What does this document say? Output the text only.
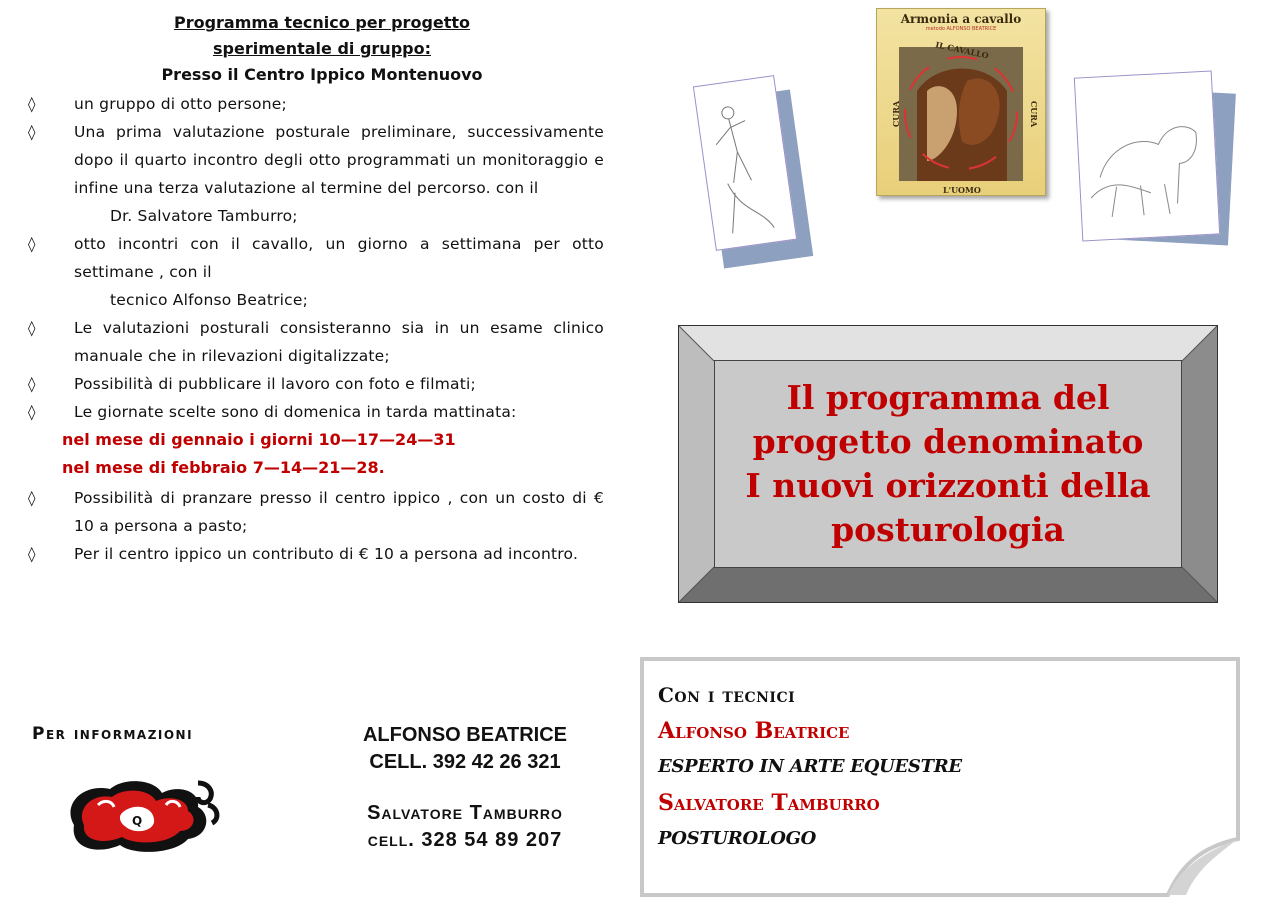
Programma tecnico per progetto
sperimentale di gruppo:
Presso il Centro Ippico Montenuovo
◊ un gruppo di otto persone;
◊ Una prima valutazione posturale preliminare, successivamente dopo il quarto incontro degli otto programmati un monitoraggio e infine una terza valutazione al termine del percorso. con il
Dr. Salvatore Tamburro;
◊ otto incontri con il cavallo, un giorno a settimana per otto settimane , con il
tecnico Alfonso Beatrice;
◊ Le valutazioni posturali consisteranno sia in un esame clinico manuale che in rilevazioni digitalizzate;
◊ Possibilità di pubblicare il lavoro con foto e filmati;
◊ Le giornate scelte sono di domenica in tarda mattinata:
nel mese di gennaio i giorni 10—17—24—31
nel mese di febbraio 7—14—21—28.
◊ Possibilità di pranzare presso il centro ippico , con un costo di € 10 a persona a pasto;
◊ Per il centro ippico un contributo di € 10 a persona ad incontro.
Per informazioni	ALFONSO BEATRICE
CELL. 392 42 26 321
Salvatore Tamburro
cell. 328 54 89 207
Q
Armonia a cavallo
metodo ALFONSO BEATRICE
IL CAVALLO
CURA	CURA
L'UOMO
Il programma del
progetto denominato
I nuovi orizzonti della
posturologia
Con i tecnici
Alfonso Beatrice
ESPERTO IN ARTE EQUESTRE
Salvatore Tamburro
POSTUROLOGO
